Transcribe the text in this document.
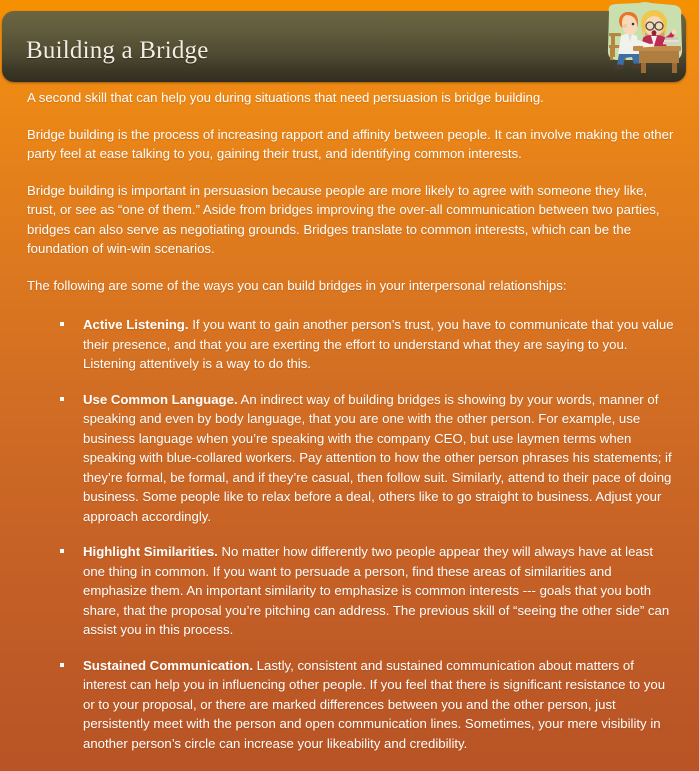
Building a Bridge

A second skill that can help you during situations that need persuasion is bridge building.

Bridge building is the process of increasing rapport and affinity between people. It can involve making the other party feel at ease talking to you, gaining their trust, and identifying common interests.

Bridge building is important in persuasion because people are more likely to agree with someone they like, trust, or see as “one of them.” Aside from bridges improving the over-all communication between two parties, bridges can also serve as negotiating grounds. Bridges translate to common interests, which can be the foundation of win-win scenarios.

The following are some of the ways you can build bridges in your interpersonal relationships:

Active Listening. If you want to gain another person’s trust, you have to communicate that you value their presence, and that you are exerting the effort to understand what they are saying to you. Listening attentively is a way to do this.
Use Common Language. An indirect way of building bridges is showing by your words, manner of speaking and even by body language, that you are one with the other person. For example, use business language when you’re speaking with the company CEO, but use laymen terms when speaking with blue-collared workers. Pay attention to how the other person phrases his statements; if they’re formal, be formal, and if they’re casual, then follow suit. Similarly, attend to their pace of doing business. Some people like to relax before a deal, others like to go straight to business. Adjust your approach accordingly.
Highlight Similarities. No matter how differently two people appear they will always have at least one thing in common. If you want to persuade a person, find these areas of similarities and emphasize them. An important similarity to emphasize is common interests --- goals that you both share, that the proposal you’re pitching can address. The previous skill of “seeing the other side” can assist you in this process.
Sustained Communication. Lastly, consistent and sustained communication about matters of interest can help you in influencing other people. If you feel that there is significant resistance to you or to your proposal, or there are marked differences between you and the other person, just persistently meet with the person and open communication lines. Sometimes, your mere visibility in another person’s circle can increase your likeability and credibility.
